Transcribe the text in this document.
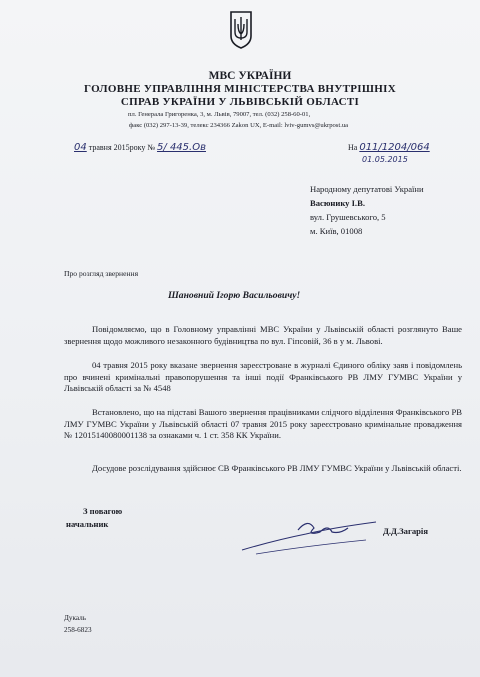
МВС УКРАЇНИ
ГОЛОВНЕ УПРАВЛІННЯ МІНІСТЕРСТВА ВНУТРІШНІХ
СПРАВ УКРАЇНИ У ЛЬВІВСЬКІЙ ОБЛАСТІ
пл. Генерала Григоренка, 3, м. Львів, 79007, тел. (032) 258-60-01,
факс (032) 297-13-39, телекс 234366 Zakon UX, E-mail: lviv-gumvs@ukrpost.ua
04 травня 2015року № 5/ 445.Ов	На 011/1204/064
01.05.2015
Народному депутатові України
Васюнику І.В.
вул. Грушевського, 5
м. Київ, 01008
Про розгляд звернення
Шановний Ігорю Васильовичу!
Повідомляємо, що в Головному управлінні МВС України у Львівській області розглянуто Ваше звернення щодо можливого незаконного будівництва по вул. Гіпсовій, 36 в у м. Львові.
04 травня 2015 року вказане звернення зареєстроване в журналі Єдиного обліку заяв і повідомлень про вчинені кримінальні правопорушення та інші події Франківського РВ ЛМУ ГУМВС України у Львівській області за № 4548
Встановлено, що на підставі Вашого звернення працівниками слідчого відділення Франківського РВ ЛМУ ГУМВС України у Львівській області 07 травня 2015 року зареєстровано кримінальне провадження № 12015140080001138 за ознаками ч. 1 ст. 358 КК України.
Досудове розслідування здійснює СВ Франківського РВ ЛМУ ГУМВС України у Львівській області.
З повагою
начальник
Д.Д.Загарія
Дукаль
258-6823
